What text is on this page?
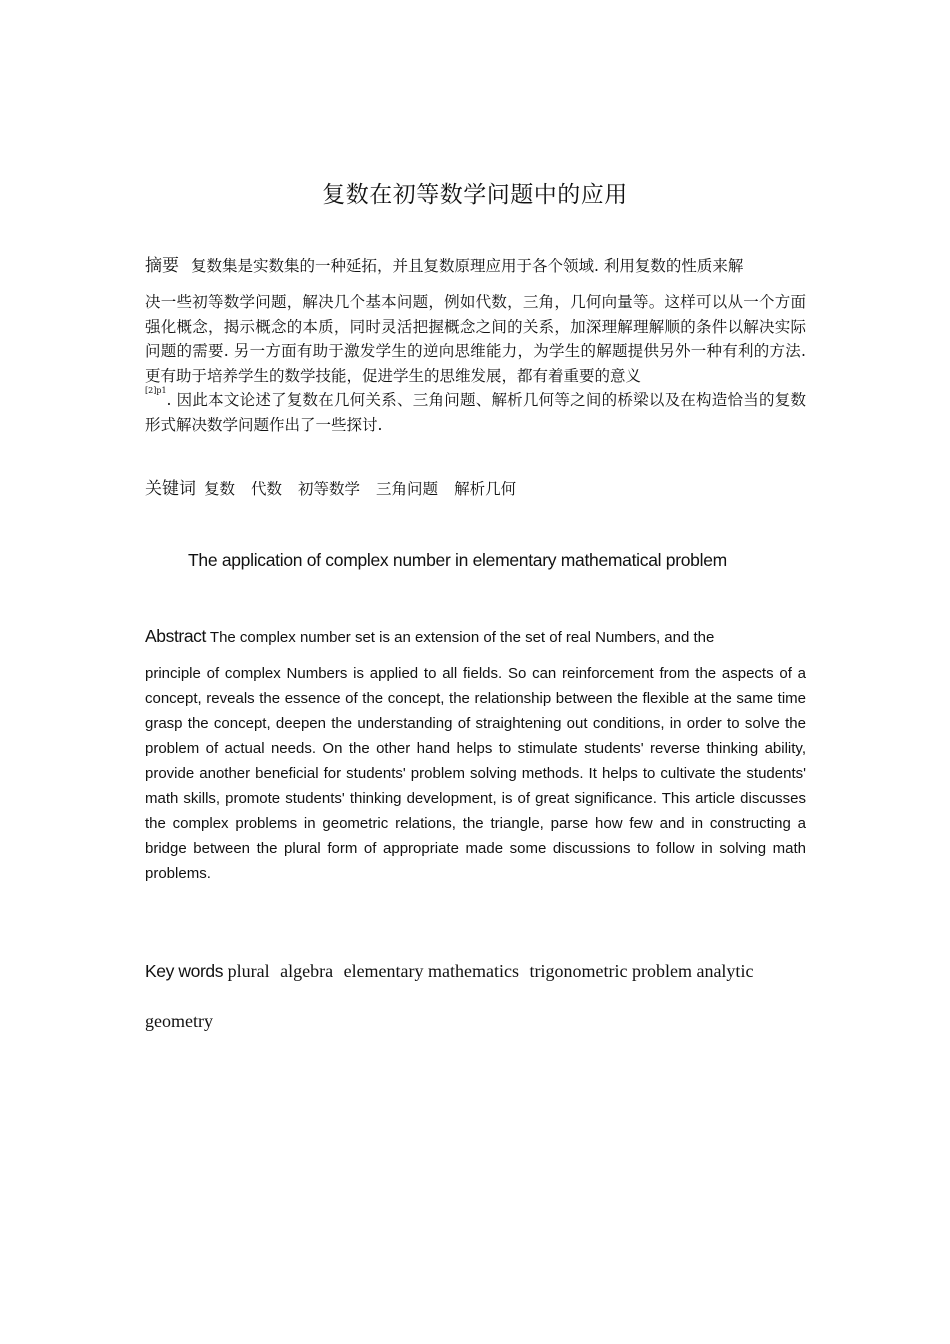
复数在初等数学问题中的应用

摘要 复数集是实数集的一种延拓，并且复数原理应用于各个领域. 利用复数的性质来解
决一些初等数学问题，解决几个基本问题，例如代数，三角，几何向量等。这样可以从一个方面强化概念，揭示概念的本质，同时灵活把握概念之间的关系，加深理解理解顺的条件以解决实际问题的需要. 另一方面有助于激发学生的逆向思维能力，为学生的解题提供另外一种有利的方法. 更有助于培养学生的数学技能，促进学生的思维发展，都有着重要的意义
$^{[2]p1}$. 因此本文论述了复数在几何关系、三角问题、解析几何等之间的桥梁以及在构造恰当的复数形式解决数学问题作出了一些探讨.

关键词 复数 代数 初等数学 三角问题 解析几何
The application of complex number in elementary mathematical problem

Abstract The complex number set is an extension of the set of real Numbers, and the
principle of complex Numbers is applied to all fields. So can reinforcement from the aspects of a concept, reveals the essence of the concept, the relationship between the flexible at the same time grasp the concept, deepen the understanding of straightening out conditions, in order to solve the problem of actual needs. On the other hand helps to stimulate students' reverse thinking ability, provide another beneficial for students' problem solving methods. It helps to cultivate the students' math skills, promote students' thinking development, is of great significance. This article discusses the complex problems in geometric relations, the triangle, parse how few and in constructing a bridge between the plural form of appropriate made some discussions to follow in solving math problems.

Key words plural algebra elementary mathematics trigonometric problem analytic geometry
